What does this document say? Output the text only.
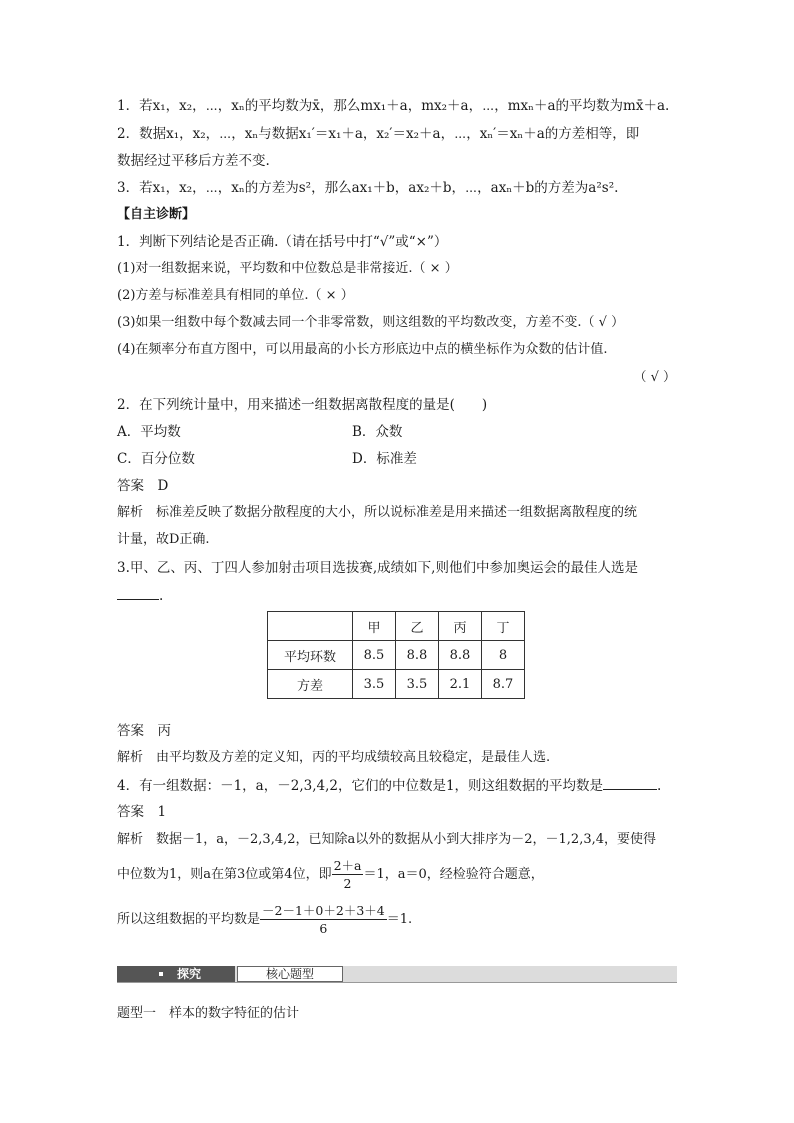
1．若x₁，x₂，⋯，xₙ的平均数为x̄，那么mx₁＋a，mx₂＋a，⋯，mxₙ＋a的平均数为mx̄＋a.
2．数据x₁，x₂，⋯，xₙ与数据x₁′＝x₁＋a，x₂′＝x₂＋a，⋯，xₙ′＝xₙ＋a的方差相等，即
数据经过平移后方差不变.
3．若x₁，x₂，⋯，xₙ的方差为s²，那么ax₁＋b，ax₂＋b，⋯，axₙ＋b的方差为a²s².
【自主诊断】
1．判断下列结论是否正确.（请在括号中打“√”或“×”）
(1)对一组数据来说，平均数和中位数总是非常接近.（ × ）
(2)方差与标准差具有相同的单位.（ × ）
(3)如果一组数中每个数减去同一个非零常数，则这组数的平均数改变，方差不变.（ √ ）
(4)在频率分布直方图中，可以用最高的小长方形底边中点的横坐标作为众数的估计值.
（ √ ）
2．在下列统计量中，用来描述一组数据离散程度的量是(　　)
A．平均数	B．众数
C．百分位数	D．标准差
答案　D
解析　标准差反映了数据分散程度的大小，所以说标准差是用来描述一组数据离散程度的统
计量，故D正确.
3.甲、乙、丙、丁四人参加射击项目选拔赛,成绩如下,则他们中参加奥运会的最佳人选是
.
	甲	乙	丙	丁
平均环数	8.5	8.8	8.8	8
方差	3.5	3.5	2.1	8.7
答案　丙
解析　由平均数及方差的定义知，丙的平均成绩较高且较稳定，是最佳人选.
4．有一组数据：－1，a，－2,3,4,2，它们的中位数是1，则这组数据的平均数是	.
答案　1
解析　数据－1，a，－2,3,4,2，已知除a以外的数据从小到大排序为－2，－1,2,3,4，要使得
中位数为1，则a在第3位或第4位，即 $\frac{2+a}{2} =1$，a＝0，经检验符合题意，
所以这组数据的平均数是 $\frac{-2-1+0+2+3+4}{6} =1$.
探究	核心题型
题型一　样本的数字特征的估计
